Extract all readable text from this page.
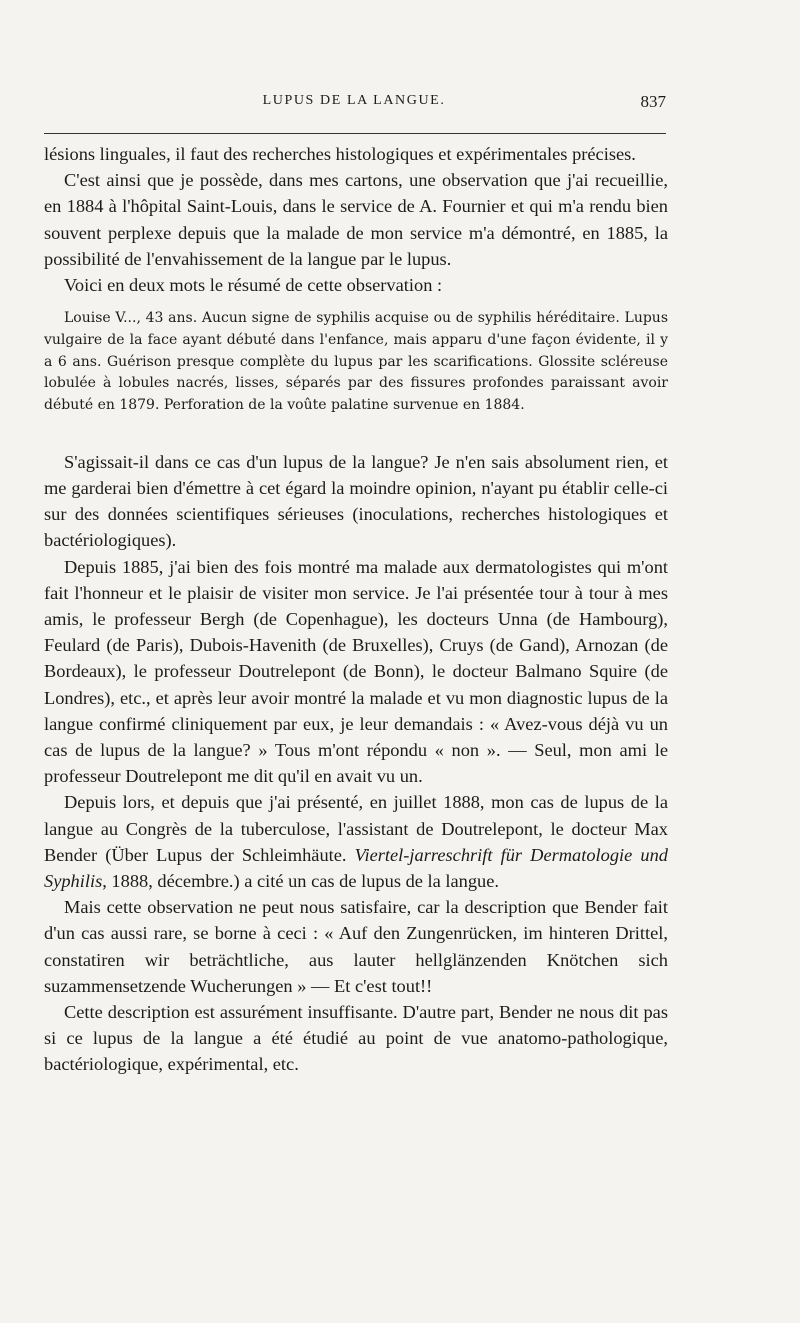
LUPUS DE LA LANGUE.	837

lésions linguales, il faut des recherches histologiques et expérimentales précises.

C'est ainsi que je possède, dans mes cartons, une observation que j'ai recueillie, en 1884 à l'hôpital Saint-Louis, dans le service de A. Fournier et qui m'a rendu bien souvent perplexe depuis que la malade de mon service m'a démontré, en 1885, la possibilité de l'envahissement de la langue par le lupus.

Voici en deux mots le résumé de cette observation :

Louise V..., 43 ans. Aucun signe de syphilis acquise ou de syphilis héréditaire. Lupus vulgaire de la face ayant débuté dans l'enfance, mais apparu d'une façon évidente, il y a 6 ans. Guérison presque complète du lupus par les scarifications. Glossite scléreuse lobulée à lobules nacrés, lisses, séparés par des fissures profondes paraissant avoir débuté en 1879. Perforation de la voûte palatine survenue en 1884.

S'agissait-il dans ce cas d'un lupus de la langue? Je n'en sais absolument rien, et me garderai bien d'émettre à cet égard la moindre opinion, n'ayant pu établir celle-ci sur des données scientifiques sérieuses (inoculations, recherches histologiques et bactériologiques).

Depuis 1885, j'ai bien des fois montré ma malade aux dermatologistes qui m'ont fait l'honneur et le plaisir de visiter mon service. Je l'ai présentée tour à tour à mes amis, le professeur Bergh (de Copenhague), les docteurs Unna (de Hambourg), Feulard (de Paris), Dubois-Havenith (de Bruxelles), Cruys (de Gand), Arnozan (de Bordeaux), le professeur Doutrelepont (de Bonn), le docteur Balmano Squire (de Londres), etc., et après leur avoir montré la malade et vu mon diagnostic lupus de la langue confirmé cliniquement par eux, je leur demandais : « Avez-vous déjà vu un cas de lupus de la langue? » Tous m'ont répondu « non ». — Seul, mon ami le professeur Doutrelepont me dit qu'il en avait vu un.

Depuis lors, et depuis que j'ai présenté, en juillet 1888, mon cas de lupus de la langue au Congrès de la tuberculose, l'assistant de Doutrelepont, le docteur Max Bender (Über Lupus der Schleimhäute. Viertel-jarreschrift für Dermatologie und Syphilis, 1888, décembre.) a cité un cas de lupus de la langue.

Mais cette observation ne peut nous satisfaire, car la description que Bender fait d'un cas aussi rare, se borne à ceci : « Auf den Zungenrücken, im hinteren Drittel, constatiren wir beträchtliche, aus lauter hellglänzenden Knötchen sich suzammensetzende Wucherungen » — Et c'est tout!!

Cette description est assurément insuffisante. D'autre part, Bender ne nous dit pas si ce lupus de la langue a été étudié au point de vue anatomo-pathologique, bactériologique, expérimental, etc.
